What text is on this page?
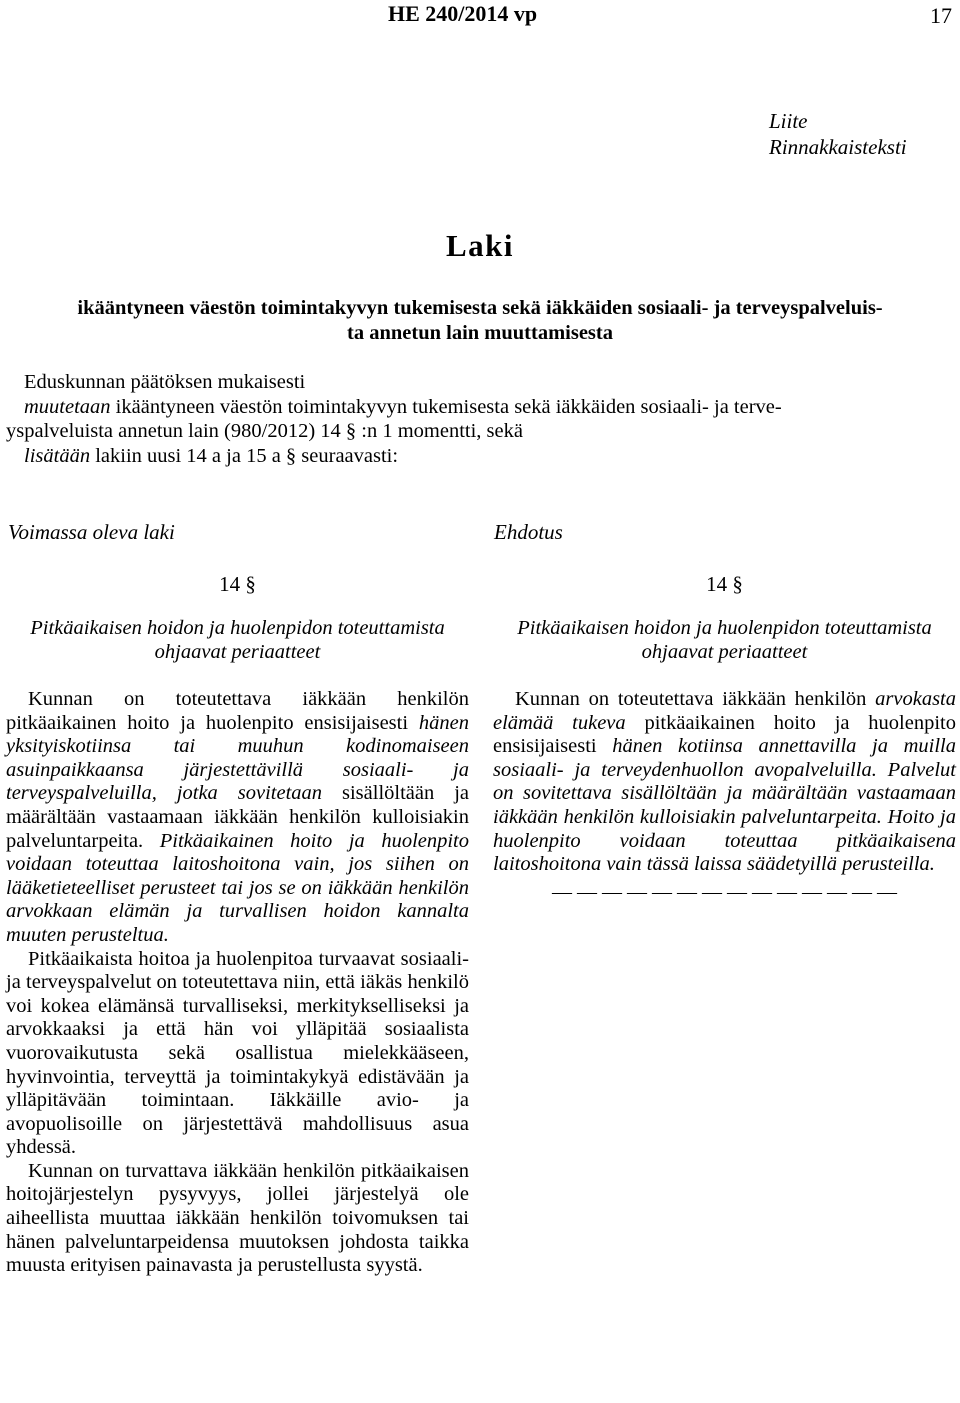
HE 240/2014 vp	17
Liite
Rinnakkaisteksti
Laki
ikääntyneen väestön toimintakyvyn tukemisesta sekä iäkkäiden sosiaali- ja terveyspalveluis-
ta annetun lain muuttamisesta

Eduskunnan päätöksen mukaisesti

muutetaan ikääntyneen väestön toimintakyvyn tukemisesta sekä iäkkäiden sosiaali- ja terve-

yspalveluista annetun lain (980/2012) 14 § :n 1 momentti, sekä

lisätään lakiin uusi 14 a ja 15 a § seuraavasti:

Voimassa oleva laki	Ehdotus

14 §

Pitkäaikaisen hoidon ja huolenpidon toteuttamista ohjaavat periaatteet

Kunnan on toteutettava iäkkään henkilön pitkäaikainen hoito ja huolenpito ensisijaisesti hänen yksityiskotiinsa tai muuhun kodinomaiseen asuinpaikkaansa järjestettävillä sosiaali- ja terveyspalveluilla, jotka sovitetaan sisällöltään ja määrältään vastaamaan iäkkään henkilön kulloisiakin palveluntarpeita. Pitkäaikainen hoito ja huolenpito voidaan toteuttaa laitoshoitona vain, jos siihen on lääketieteelliset perusteet tai jos se on iäkkään henkilön arvokkaan elämän ja turvallisen hoidon kannalta muuten perusteltua.

Pitkäaikaista hoitoa ja huolenpitoa turvaavat sosiaali- ja terveyspalvelut on toteutettava niin, että iäkäs henkilö voi kokea elämänsä turvalliseksi, merkitykselliseksi ja arvokkaaksi ja että hän voi ylläpitää sosiaalista vuorovaikutusta sekä osallistua mielekkääseen, hyvinvointia, terveyttä ja toimintakykyä edistävään ja ylläpitävään toimintaan. Iäkkäille avio- ja avopuolisoille on järjestettävä mahdollisuus asua yhdessä.

Kunnan on turvattava iäkkään henkilön pitkäaikaisen hoitojärjestelyn pysyvyys, jollei järjestelyä ole aiheellista muuttaa iäkkään henkilön toivomuksen tai hänen palveluntarpeidensa muutoksen johdosta taikka muusta erityisen painavasta ja perustellusta syystä.

14 §

Pitkäaikaisen hoidon ja huolenpidon toteuttamista ohjaavat periaatteet

Kunnan on toteutettava iäkkään henkilön arvokasta elämää tukeva pitkäaikainen hoito ja huolenpito ensisijaisesti hänen kotiinsa annettavilla ja muilla sosiaali- ja terveydenhuollon avopalveluilla. Palvelut on sovitettava sisällöltään ja määrältään vastaamaan iäkkään henkilön kulloisiakin palveluntarpeita. Hoito ja huolenpito voidaan toteuttaa pitkäaikaisena laitoshoitona vain tässä laissa säädetyillä perusteilla.

— — — — — — — — — — — — — —
